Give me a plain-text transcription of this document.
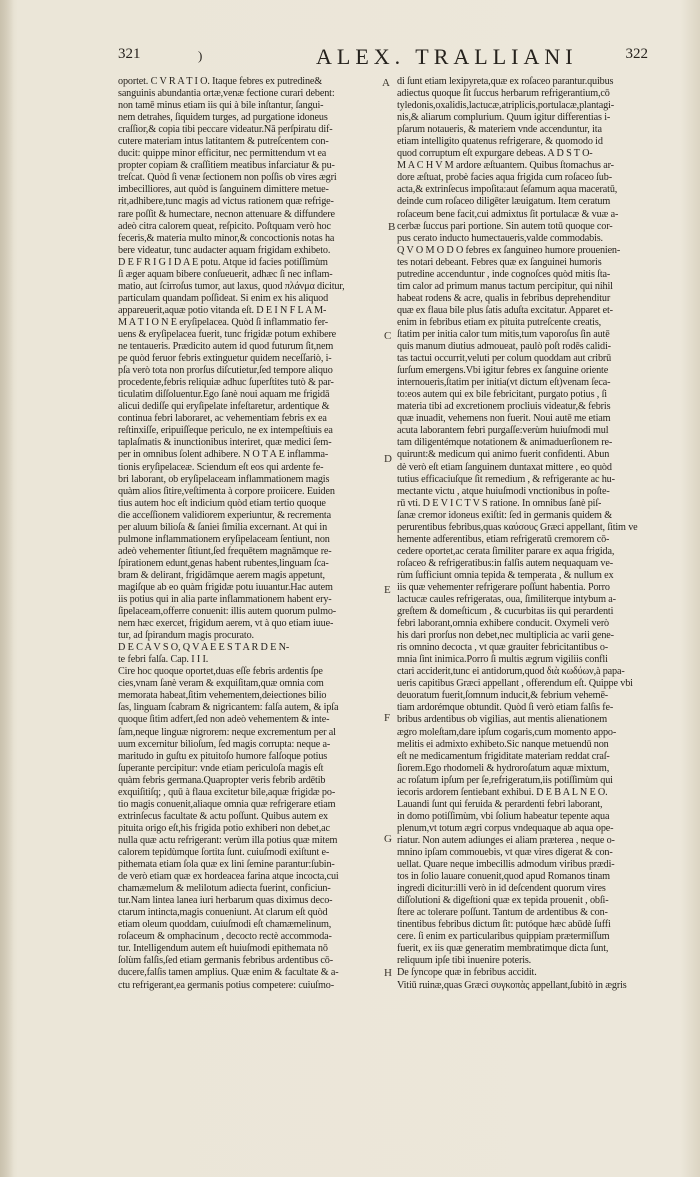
321	)	ALEX. TRALLIANI	322
A
B
C
D
E
F
G
H
oportet. C V R A T I O. Itaque febres ex putredine&
sanguinis abundantia ortæ,venæ fectione curari debent:
non tamē minus etiam iis qui à bile inſtantur, ſangui-
nem detrahes, ſiquidem turges, ad purgatione idoneus
craſſior,& copia tibi peccare videatur.Nā perſpiratu dif-
cutere materiam intus latitantem & putreſcentem con-
ducit: quippe minor efficitur, nec permittendum vt ea
propter copiam & craſſitiem meatibus infarciatur & pu-
treſcat. Quòd ſi venæ ſectionem non poſſis ob vires ægri
imbecilliores, aut quòd is ſanguinem dimittere metue-
rit,adhibere,tunc magis ad victus rationem quæ refrige-
rare poſſit & humectare, necnon attenuare & diffundere
adeò citra calorem queat, reſpicito. Poſtquam verò hoc
feceris,& materia multo minor,& concoctionis notas ha
bere videatur, tunc audacter aquam frigidam exhibeto.
D E F R I G I D A E potu. Atque id facies potiſſimùm
ſi æger aquam bibere conſueuerit, adhæc ſi nec inflam-
matio, aut ſcirroſus tumor, aut laxus, quod πλάνμα dicitur,
particulam quandam poſſideat. Si enim ex his aliquod
appareuerit,aquæ potio vitanda eſt. D E I N F L A M-
M A T I O N E eryſipelacea. Quòd ſi inflammatio fer-
uens & eryſipelacea fuerit, tunc frigidæ potum exhibere
ne tentaueris. Prædicito autem id quod futurum ſit,nem
pe quòd feruor febris extinguetur quidem neceſſariò, i-
pſa verò tota non prorſus diſcutietur,ſed tempore aliquo
procedente,febris reliquiæ adhuc ſuperſtites tutò & par-
ticulatim diſſoluentur.Ego ſanè noui aquam me frigidā
alicui dediſſe qui eryſipelate infeſtaretur, ardentique &
continua febri laboraret, ac vehementiam febris ex ea
reſtinxiſſe, eripuiſſeque periculo, ne ex intempeſtiuis ea
taplaſmatis & inunctionibus interiret, quæ medici ſem-
per in omnibus ſolent adhibere. N O T A E inflamma-
tionis eryſipelaceæ. Sciendum eſt eos qui ardente fe-
bri laborant, ob eryſipelaceam inflammationem magis
quàm alios ſitire,veſtimenta à corpore proiicere. Euiden
tius autem hoc eſt indicium quòd etiam tertio quoque
die acceſſionem validiorem experiuntur, & recrementa
per aluum bilioſa & ſaniei ſimilia excernant. At qui in
pulmone inflammationem eryſipelaceam ſentiunt, non
adeò vehementer ſitiunt,ſed frequētem magnāmque re-
ſpirationem edunt,genas habent rubentes,linguam ſca-
bram & delirant, frigidāmque aerem magis appetunt,
magiſque ab eo quàm frigidæ potu iuuantur.Hac autem
iis potius qui in alia parte inflammationem habent ery-
ſipelaceam,offerre conuenit: illis autem quorum pulmo-
nem hæc exercet, frigidum aerem, vt à quo etiam iuue-
tur, ad ſpirandum magis procurato.
D E C A V S O, Q V A E E S T A R D E N-
te febri falſa. Cap. I I I.
Cire hoc quoque oportet,duas eſſe febris ardentis ſpe
cies,vnam ſanè veram & exquiſitam,quæ omnia com
memorata habeat,ſitim vehementem,deiectiones bilio
ſas, linguam ſcabram & nigricantem: falſa autem, & ipſa
quoque ſitim adfert,ſed non adeò vehementem & inte-
ſam,neque linguæ nigrorem: neque excrementum per al
uum excernitur bilioſum, ſed magis corrupta: neque a-
maritudo in guſtu ex pituitoſo humore falſoque potius
ſuperante percipitur: vnde etiam periculoſa magis eſt
quàm febris germana.Quapropter veris febrib ardētib
exquiſitiſq; , quū à flaua excitetur bile,aquæ frigidæ po-
tio magis conuenit,aliaque omnia quæ refrigerare etiam
extrinſecus facultate & actu poſſunt. Quibus autem ex
pituita origo eſt,his frigida potio exhiberi non debet,ac
nulla quæ actu refrigerant: verùm illa potius quæ mitem
calorem tepidùmque ſortita ſunt. cuiuſmodi exiſtunt e-
pithemata etiam ſola quæ ex lini ſemine parantur:ſubin-
de verò etiam quæ ex hordeacea farina atque incocta,cui
chamæmelum & melilotum adiecta fuerint, conficiun-
tur.Nam lintea lanea iuri herbarum quas diximus deco-
ctarum intincta,magis conueniunt. At clarum eſt quòd
etiam oleum quoddam, cuiuſmodi eſt chamæmelinum,
roſaceum & omphacinum , decocto rectè accommoda-
tur. Intelligendum autem eſt huiuſmodi epithemata nō
ſolùm falſis,ſed etiam germanis febribus ardentibus cō-
ducere,falſis tamen amplius. Quæ enim & facultate & a-
ctu refrigerant,ea germanis potius competere: cuiuſmo-
di ſunt etiam lexipyreta,quæ ex roſaceo parantur.quibus
adiectus quoque ſit ſuccus herbarum refrigerantium,cō
tyledonis,oxalidis,lactucæ,atriplicis,portulacæ,plantagi-
nis,& aliarum complurium. Quum igitur differentias i-
pſarum notaueris, & materiem vnde accenduntur, ita
etiam intelligito quatenus refrigerare, & quomodo id
quod corruptum eſt expurgare debeas. A D S T O-
M A C H V M ardore æſtuantem. Quibus ſtomachus ar-
dore æſtuat, probè facies aqua frigida cum roſaceo ſub-
acta,& extrinſecus impoſita:aut ſeſamum aqua maceratū,
deinde cum roſaceo diligēter læuigatum. Item ceratum
roſaceum bene facit,cui admixtus ſit portulacæ & vuæ a-
cerbæ ſuccus pari portione. Sin autem totū quoque cor-
pus cerato inducto humectaueris,valde commodabis.
Q V O M O D O febres ex ſanguineo humore prouenien-
tes notari debeant. Febres quæ ex ſanguinei humoris
putredine accenduntur , inde cognoſces quòd mitis ſta-
tim calor ad primum manus tactum percipitur, qui nihil
habeat rodens & acre, qualis in febribus deprehenditur
quæ ex flaua bile plus ſatis aduſta excitatur. Apparet et-
enim in febribus etiam ex pituita putreſcente creatis,
ſtatim per initia calor tum mitis,tum vaporoſus ſin autē
quis manum diutius admoueat, paulò poſt rodēs calidi-
tas tactui occurrit,veluti per colum quoddam aut cribrū
ſurſum emergens.Vbi igitur febres ex ſanguine oriente
internouerìs,ſtatim per initia(vt dictum eſt)venam ſeca-
to:eos autem qui ex bile febricitant, purgato potius , ſi
materia tibi ad excretionem procliuis videatur,& febris
quæ inuadit, vehemens non fuerit. Noui autē me etiam
acuta laborantem febri purgaſſe:verùm huiuſmodi mul
tam diligentémque notationem & animaduerſionem re-
quirunt:& medicum qui animo fuerit confidenti. Abun
dè verò eſt etiam ſanguinem duntaxat mittere , eo quòd
tutius efficaciuſque ſit remedium , & refrigerante ac hu-
mectante victu , atque huiuſmodi vnctionibus in poſte-
rū vti. D E V I C T V S ratione. In omnibus ſanè piſ-
ſanæ cremor idoneus exiſtit: ſed in germanis quidem &
perurentibus febribus,quas καύσους Græci appellant, ſitim ve
hemente adferentibus, etiam refrigeratū cremorem cō-
cedere oportet,ac cerata ſimiliter parare ex aqua frigida,
roſaceo & refrigeratibus:in falſis autem nequaquam ve-
rùm ſufficiunt omnia tepida & temperata , & nullum ex
iis quæ vehementer refrigerare poſſunt habentia. Porro
lactucæ caules refrigeratas, oua, ſimiliterque intybum a-
greſtem & domeſticum , & cucurbitas iis qui perardenti
febri laborant,omnia exhibere conducit. Oxymeli verò
his dari prorſus non debet,nec multiplicia ac varii gene-
ris omnino decocta , vt quæ grauiter febricitantibus o-
mnia ſint inimica.Porro ſi multis ægrum vigiliis confli
ctari acciderit,tunc ei antidorum,quod διὰ κωδύων,à papa-
ueris capitibus Græci appellant , offerendum eſt. Quippe vbi
deuoratum fuerit,ſomnum inducit,& febrium vehemē-
tiam ardorémque obtundit. Quòd ſi verò etiam falſis fe-
bribus ardentibus ob vigilias, aut mentis alienationem
ægro moleſtam,dare ipſum cogaris,cum momento appo-
melitis ei admixto exhibeto.Sic nanque metuendū non
eſt ne medicamentum frigiditate materiam reddat craſ-
ſiorem.Ego rhodomeli & hydroroſatum aquæ mixtum,
ac roſatum ipſum per ſe,refrigeratum,iis potiſſimùm qui
iecoris ardorem ſentiebant exhibui. D E B A L N E O.
Lauandi ſunt qui feruida & perardenti febri laborant,
in domo potiſſimùm, vbi ſolium habeatur tepente aqua
plenum,vt totum ægri corpus vndequaque ab aqua ope-
riatur. Non autem adiunges ei aliam præterea , neque o-
mnino ipſam commouebis, vt quæ vires digerat & con-
uellat. Quare neque imbecillis admodum viribus prædi-
tos in ſolio lauare conuenit,quod apud Romanos tinam
ingredi dicitur:illi verò in id deſcendent quorum vires
diſſolutioni & digeſtioni quæ ex tepida prouenit , obſi-
ſtere ac tolerare poſſunt. Tantum de ardentibus & con-
tinentibus febribus dictum ſit: putóque hæc abūdè ſuffi
cere. ſi enim ex particularibus quippiam prætermiſſum
fuerit, ex iis quæ generatim membratimque dicta ſunt,
reliquum ipſe tibi inuenire poteris.
De ſyncope quæ in febribus accidit.
Vitiū ruinæ,quas Græci συγκοπὰς appellant,ſubitò in ægris
